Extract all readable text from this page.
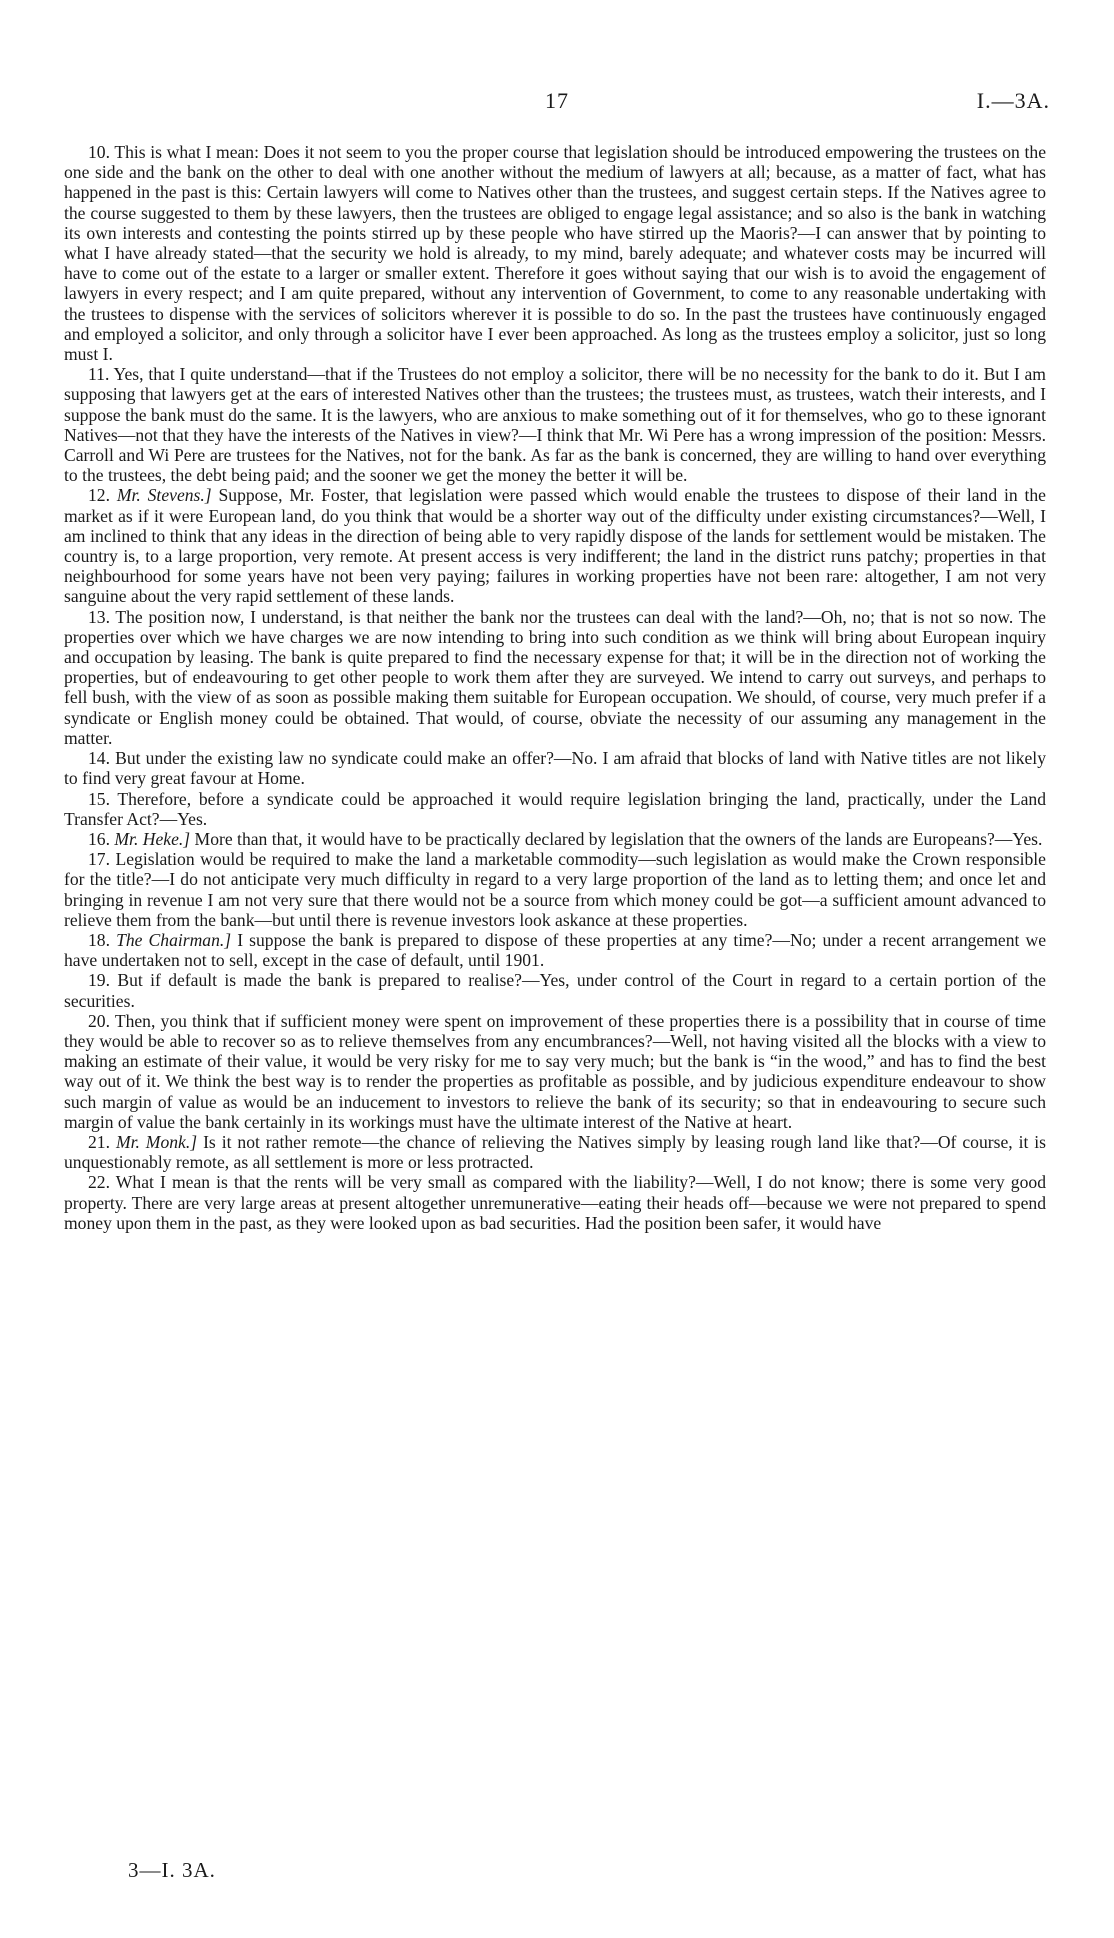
17	I.—3A.

10. This is what I mean: Does it not seem to you the proper course that legislation should be introduced empowering the trustees on the one side and the bank on the other to deal with one another without the medium of lawyers at all; because, as a matter of fact, what has happened in the past is this: Certain lawyers will come to Natives other than the trustees, and suggest certain steps. If the Natives agree to the course suggested to them by these lawyers, then the trustees are obliged to engage legal assistance; and so also is the bank in watching its own interests and contesting the points stirred up by these people who have stirred up the Maoris?—I can answer that by pointing to what I have already stated—that the security we hold is already, to my mind, barely adequate; and whatever costs may be incurred will have to come out of the estate to a larger or smaller extent. Therefore it goes without saying that our wish is to avoid the engagement of lawyers in every respect; and I am quite prepared, without any intervention of Government, to come to any reasonable undertaking with the trustees to dispense with the services of solicitors wherever it is possible to do so. In the past the trustees have continuously engaged and employed a solicitor, and only through a solicitor have I ever been approached. As long as the trustees employ a solicitor, just so long must I.

11. Yes, that I quite understand—that if the Trustees do not employ a solicitor, there will be no necessity for the bank to do it. But I am supposing that lawyers get at the ears of interested Natives other than the trustees; the trustees must, as trustees, watch their interests, and I suppose the bank must do the same. It is the lawyers, who are anxious to make something out of it for themselves, who go to these ignorant Natives—not that they have the interests of the Natives in view?—I think that Mr. Wi Pere has a wrong impression of the position: Messrs. Carroll and Wi Pere are trustees for the Natives, not for the bank. As far as the bank is concerned, they are willing to hand over everything to the trustees, the debt being paid; and the sooner we get the money the better it will be.

12. Mr. Stevens.] Suppose, Mr. Foster, that legislation were passed which would enable the trustees to dispose of their land in the market as if it were European land, do you think that would be a shorter way out of the difficulty under existing circumstances?—Well, I am inclined to think that any ideas in the direction of being able to very rapidly dispose of the lands for settlement would be mistaken. The country is, to a large proportion, very remote. At present access is very indifferent; the land in the district runs patchy; properties in that neighbourhood for some years have not been very paying; failures in working properties have not been rare: altogether, I am not very sanguine about the very rapid settlement of these lands.

13. The position now, I understand, is that neither the bank nor the trustees can deal with the land?—Oh, no; that is not so now. The properties over which we have charges we are now intending to bring into such condition as we think will bring about European inquiry and occupation by leasing. The bank is quite prepared to find the necessary expense for that; it will be in the direction not of working the properties, but of endeavouring to get other people to work them after they are surveyed. We intend to carry out surveys, and perhaps to fell bush, with the view of as soon as possible making them suitable for European occupation. We should, of course, very much prefer if a syndicate or English money could be obtained. That would, of course, obviate the necessity of our assuming any management in the matter.

14. But under the existing law no syndicate could make an offer?—No. I am afraid that blocks of land with Native titles are not likely to find very great favour at Home.

15. Therefore, before a syndicate could be approached it would require legislation bringing the land, practically, under the Land Transfer Act?—Yes.

16. Mr. Heke.] More than that, it would have to be practically declared by legislation that the owners of the lands are Europeans?—Yes.

17. Legislation would be required to make the land a marketable commodity—such legislation as would make the Crown responsible for the title?—I do not anticipate very much difficulty in regard to a very large proportion of the land as to letting them; and once let and bringing in revenue I am not very sure that there would not be a source from which money could be got—a sufficient amount advanced to relieve them from the bank—but until there is revenue investors look askance at these properties.

18. The Chairman.] I suppose the bank is prepared to dispose of these properties at any time?—No; under a recent arrangement we have undertaken not to sell, except in the case of default, until 1901.

19. But if default is made the bank is prepared to realise?—Yes, under control of the Court in regard to a certain portion of the securities.

20. Then, you think that if sufficient money were spent on improvement of these properties there is a possibility that in course of time they would be able to recover so as to relieve themselves from any encumbrances?—Well, not having visited all the blocks with a view to making an estimate of their value, it would be very risky for me to say very much; but the bank is “in the wood,” and has to find the best way out of it. We think the best way is to render the properties as profitable as possible, and by judicious expenditure endeavour to show such margin of value as would be an inducement to investors to relieve the bank of its security; so that in endeavouring to secure such margin of value the bank certainly in its workings must have the ultimate interest of the Native at heart.

21. Mr. Monk.] Is it not rather remote—the chance of relieving the Natives simply by leasing rough land like that?—Of course, it is unquestionably remote, as all settlement is more or less protracted.

22. What I mean is that the rents will be very small as compared with the liability?—Well, I do not know; there is some very good property. There are very large areas at present altogether unremunerative—eating their heads off—because we were not prepared to spend money upon them in the past, as they were looked upon as bad securities. Had the position been safer, it would have

3—I. 3A.
